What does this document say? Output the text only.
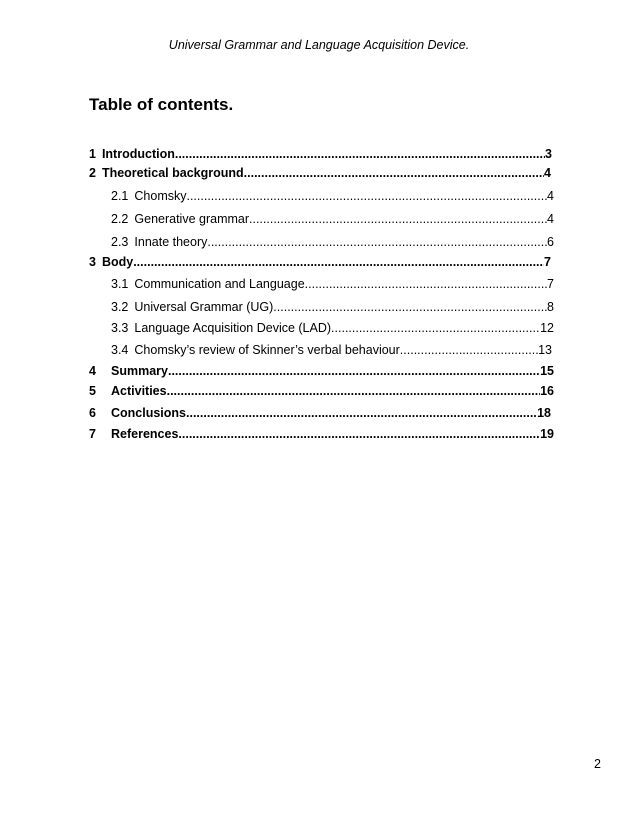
Universal Grammar and Language Acquisition Device.
Table of contents.
1 Introduction .....	3
2 Theoretical background .....	4
2.1 Chomsky .....	4
2.2 Generative grammar .....	4
2.3 Innate theory .....	6
3 Body .....	7
3.1 Communication and Language .....	7
3.2 Universal Grammar (UG) .....	8
3.3 Language Acquisition Device (LAD) .....	12
3.4 Chomsky’s review of Skinner’s verbal behaviour .....	13
4	Summary .....	15
5	Activities .....	16
6	Conclusions .....	18
7	References .....	19
2
